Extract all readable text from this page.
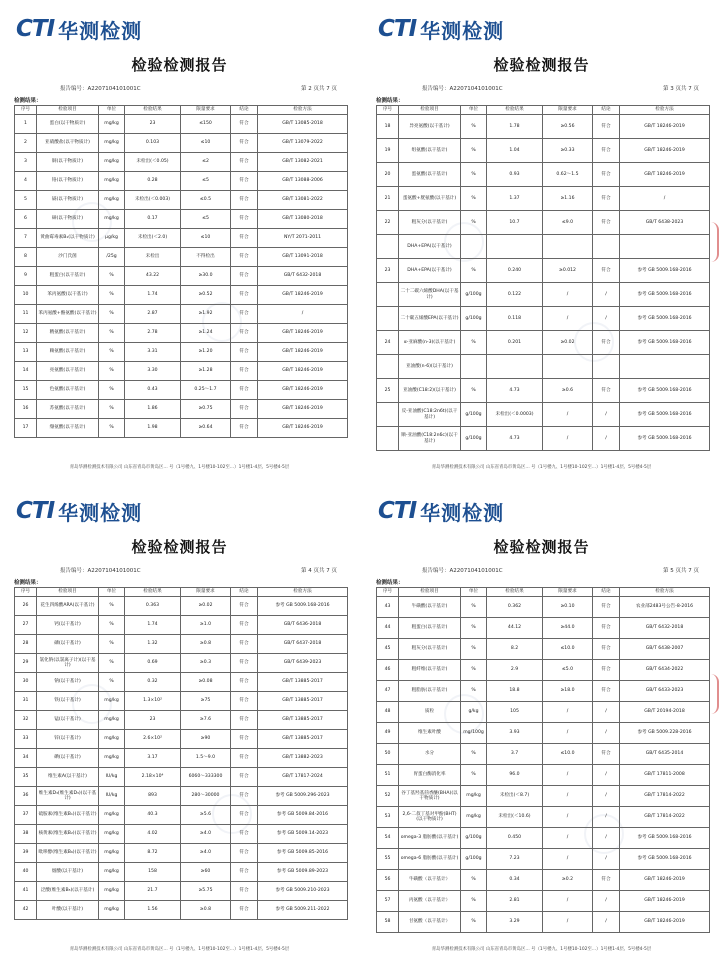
CTI 华测检测
检验检测报告
报告编号：A2207104101001C	第 2 页共 7 页
检测结果：
序号	检验项目	单位	检验结果	限量要求	结论	检验方法
1	蛋白(以干物质计)	mg/kg	23	≤150	符合	GB/T 13085-2018
2	亚硝酸盐(以干物质计)	mg/kg	0.103	≤10	符合	GB/T 13079-2022
3	铜(以干物质计)	mg/kg	未检出(＜0.05)	≤2	符合	GB/T 13082-2021
4	铬(以干物质计)	mg/kg	0.28	≤5	符合	GB/T 13088-2006
5	镉(以干物质计)	mg/kg	未检出(＜0.003)	≤0.5	符合	GB/T 13081-2022
6	砷(以干物质计)	mg/kg	0.17	≤5	符合	GB/T 13080-2018
7	黄曲霉毒素B₁(以干物质计)	μg/kg	未检出(＜2.0)	≤10	符合	NY/T 2071-2011
8	沙门氏菌	/25g	未检出	不得检出	符合	GB/T 13091-2018
9	粗蛋白(以干基计)	%	43.22	≥30.0	符合	GB/T 6432-2018
10	苯丙氨酸(以干基计)	%	1.74	≥0.52	符合	GB/T 18246-2019
11	苯丙氨酸+酪氨酸(以干基计)	%	2.87	≥1.92	符合	/
12	精氨酸(以干基计)	%	2.78	≥1.24	符合	GB/T 18246-2019
13	赖氨酸(以干基计)	%	3.31	≥1.20	符合	GB/T 18246-2019
14	亮氨酸(以干基计)	%	3.30	≥1.28	符合	GB/T 18246-2019
15	色氨酸(以干基计)	%	0.43	0.25～1.7	符合	GB/T 18246-2019
16	苏氨酸(以干基计)	%	1.86	≥0.75	符合	GB/T 18246-2019
17	缬氨酸(以干基计)	%	1.98	≥0.64	符合	GB/T 18246-2019
青岛华测检测技术有限公司 山东省青岛市黄岛区… 号（1号楼九、1号楼10-102至…）1号楼1-4层、5号楼4-5层
CTI 华测检测
检验检测报告
报告编号：A2207104101001C	第 3 页共 7 页
检测结果：
序号	检验项目	单位	检验结果	限量要求	结论	检验方法
18	异亮氨酸(以干基计)	%	1.78	≥0.56	符合	GB/T 18246-2019
19	组氨酸(以干基计)	%	1.04	≥0.33	符合	GB/T 18246-2019
20	蛋氨酸(以干基计)	%	0.93	0.62～1.5	符合	GB/T 18246-2019
21	蛋氨酸+胱氨酸(以干基计)	%	1.37	≥1.16	符合	/
22	粗灰分(以干基计)	%	10.7	≤9.0	符合	GB/T 6438-2023
	DHA+EPA(以干基计)					
23	DHA+EPA(以干基计)	%	0.240	≥0.012	符合	参考 GB 5009.168-2016
	二十二碳六烯酸DHA(以干基计)	g/100g	0.122	/	/	参考 GB 5009.168-2016
	二十碳五烯酸EPA(以干基计)	g/100g	0.118	/	/	参考 GB 5009.168-2016
24	α-亚麻酸(n-3)(以干基计)	%	0.201	≥0.02	符合	参考 GB 5009.168-2016
	亚油酸(n-6)(以干基计)					
25	亚油酸(C18:2)(以干基计)	%	4.73	≥0.6	符合	参考 GB 5009.168-2016
	反-亚油酸(C18:2n6t)(以干基计)	g/100g	未检出(＜0.0003)	/	/	参考 GB 5009.168-2016
	顺-亚油酸(C18:2n6c)(以干基计)	g/100g	4.73	/	/	参考 GB 5009.168-2016
青岛华测检测技术有限公司 山东省青岛市黄岛区… 号（1号楼九、1号楼10-102至…）1号楼1-4层、5号楼4-5层
CTI 华测检测
检验检测报告
报告编号：A2207104101001C	第 4 页共 7 页
检测结果：
序号	检验项目	单位	检验结果	限量要求	结论	检验方法
26	花生四烯酸ARA(以干基计)	%	0.363	≥0.02	符合	参考 GB 5009.168-2016
27	钙(以干基计)	%	1.74	≥1.0	符合	GB/T 6436-2018
28	磷(以干基计)	%	1.32	≥0.8	符合	GB/T 6437-2018
29	氯化钠(以氯离子计)(以干基计)	%	0.69	≥0.3	符合	GB/T 6439-2023
30	钠(以干基计)	%	0.32	≥0.08	符合	GB/T 13885-2017
31	铁(以干基计)	mg/kg	1.3×10²	≥75	符合	GB/T 13885-2017
32	锰(以干基计)	mg/kg	23	≥7.6	符合	GB/T 13885-2017
33	锌(以干基计)	mg/kg	2.6×10²	≥90	符合	GB/T 13885-2017
34	碘(以干基计)	mg/kg	3.17	1.5～9.0	符合	GB/T 13882-2023
35	维生素A(以干基计)	IU/kg	2.18×10⁴	6060～333300	符合	GB/T 17817-2024
36	维生素D₃(维生素D₃)(以干基计)	IU/kg	893	280～30000	符合	参考 GB 5009.296-2023
37	硫胺素(维生素B₁)(以干基计)	mg/kg	40.3	≥5.6	符合	参考 GB 5009.84-2016
38	核黄素(维生素B₂)(以干基计)	mg/kg	4.02	≥4.0	符合	参考 GB 5009.14-2023
39	吡哆醇(维生素B₆)(以干基计)	mg/kg	8.72	≥4.0	符合	参考 GB 5009.85-2016
40	烟酸(以干基计)	mg/kg	158	≥60	符合	参考 GB 5009.89-2023
41	泛酸(维生素B₅)(以干基计)	mg/kg	21.7	≥5.75	符合	参考 GB 5009.210-2023
42	叶酸(以干基计)	mg/kg	1.56	≥0.8	符合	参考 GB 5009.211-2022
青岛华测检测技术有限公司 山东省青岛市黄岛区… 号（1号楼九、1号楼10-102至…）1号楼1-4层、5号楼4-5层
CTI 华测检测
检验检测报告
报告编号：A2207104101001C	第 5 页共 7 页
检测结果：
序号	检验项目	单位	检验结果	限量要求	结论	检验方法
43	牛磺酸(以干基计)	%	0.362	≥0.10	符合	农业部2483号公告-8-2016
44	粗蛋白(以干基计)	%	44.12	≥44.0	符合	GB/T 6432-2018
45	粗灰分(以干基计)	%	8.2	≤10.0	符合	GB/T 6438-2007
46	粗纤维(以干基计)	%	2.9	≤5.0	符合	GB/T 6434-2022
47	粗脂肪(以干基计)	%	18.8	≥18.0	符合	GB/T 6433-2023
48	质粒	g/kg	105	/	/	GB/T 20194-2018
49	维生素叶酸	mg/100g	3.93	/	/	参考 GB 5009.228-2016
50	水分	%	3.7	≤10.0	符合	GB/T 6435-2014
51	胃蛋白酶消化率	%	96.0	/	/	GB/T 17811-2008
52	谷丁基羟基茴香醚(BHA)(以干物质计)	mg/kg	未检出(＜8.7)	/	/	GB/T 17814-2022
53	2,6-二叔丁基对甲酚(BHT)(以干物质计)	mg/kg	未检出(＜10.6)	/	/	GB/T 17814-2022
54	omega-3 脂肪酸(以干基计)	g/100g	0.450	/	/	参考 GB 5009.168-2016
55	omega-6 脂肪酸(以干基计)	g/100g	7.23	/	/	参考 GB 5009.168-2016
56	牛磺酸（以干基计）	%	0.34	≥0.2	符合	GB/T 18246-2019
57	丙氨酸（以干基计）	%	2.81	/	/	GB/T 18246-2019
58	甘氨酸（以干基计）	%	3.29	/	/	GB/T 18246-2019
青岛华测检测技术有限公司 山东省青岛市黄岛区… 号（1号楼九、1号楼10-102至…）1号楼1-4层、5号楼4-5层
